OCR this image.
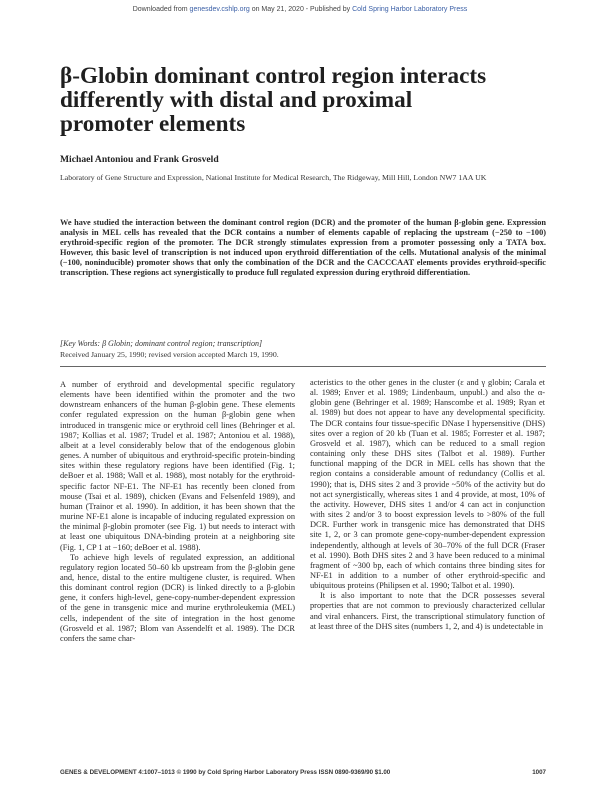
Downloaded from genesdev.cshlp.org on May 21, 2020 - Published by Cold Spring Harbor Laboratory Press
β-Globin dominant control region interacts differently with distal and proximal promoter elements
Michael Antoniou and Frank Grosveld
Laboratory of Gene Structure and Expression, National Institute for Medical Research, The Ridgeway, Mill Hill, London NW7 1AA UK
We have studied the interaction between the dominant control region (DCR) and the promoter of the human β-globin gene. Expression analysis in MEL cells has revealed that the DCR contains a number of elements capable of replacing the upstream (−250 to −100) erythroid-specific region of the promoter. The DCR strongly stimulates expression from a promoter possessing only a TATA box. However, this basic level of transcription is not induced upon erythroid differentiation of the cells. Mutational analysis of the minimal (−100, noninducible) promoter shows that only the combination of the DCR and the CACCCAAT elements provides erythroid-specific transcription. These regions act synergistically to produce full regulated expression during erythroid differentiation.
[Key Words: β Globin; dominant control region; transcription]
Received January 25, 1990; revised version accepted March 19, 1990.

A number of erythroid and developmental specific regulatory elements have been identified within the promoter and the two downstream enhancers of the human β-globin gene. These elements confer regulated expression on the human β-globin gene when introduced in transgenic mice or erythroid cell lines (Behringer et al. 1987; Kollias et al. 1987; Trudel et al. 1987; Antoniou et al. 1988), albeit at a level considerably below that of the endogenous globin genes. A number of ubiquitous and erythroid-specific protein-binding sites within these regulatory regions have been identified (Fig. 1; deBoer et al. 1988; Wall et al. 1988), most notably for the erythroid-specific factor NF-E1. The NF-E1 has recently been cloned from mouse (Tsai et al. 1989), chicken (Evans and Felsenfeld 1989), and human (Trainor et al. 1990). In addition, it has been shown that the murine NF-E1 alone is incapable of inducing regulated expression on the minimal β-globin promoter (see Fig. 1) but needs to interact with at least one ubiquitous DNA-binding protein at a neighboring site (Fig. 1, CP 1 at −160; deBoer et al. 1988).

To achieve high levels of regulated expression, an additional regulatory region located 50–60 kb upstream from the β-globin gene and, hence, distal to the entire multigene cluster, is required. When this dominant control region (DCR) is linked directly to a β-globin gene, it confers high-level, gene-copy-number-dependent expression of the gene in transgenic mice and murine erythroleukemia (MEL) cells, independent of the site of integration in the host genome (Grosveld et al. 1987; Blom van Assendelft et al. 1989). The DCR confers the same char-

acteristics to the other genes in the cluster (ε and γ globin; Carala et al. 1989; Enver et al. 1989; Lindenbaum, unpubl.) and also the α-globin gene (Behringer et al. 1989; Hanscombe et al. 1989; Ryan et al. 1989) but does not appear to have any developmental specificity. The DCR contains four tissue-specific DNase I hypersensitive (DHS) sites over a region of 20 kb (Tuan et al. 1985; Forrester et al. 1987; Grosveld et al. 1987), which can be reduced to a small region containing only these DHS sites (Talbot et al. 1989). Further functional mapping of the DCR in MEL cells has shown that the region contains a considerable amount of redundancy (Collis et al. 1990); that is, DHS sites 2 and 3 provide ~50% of the activity but do not act synergistically, whereas sites 1 and 4 provide, at most, 10% of the activity. However, DHS sites 1 and/or 4 can act in conjunction with sites 2 and/or 3 to boost expression levels to >80% of the full DCR. Further work in transgenic mice has demonstrated that DHS site 1, 2, or 3 can promote gene-copy-number-dependent expression independently, although at levels of 30–70% of the full DCR (Fraser et al. 1990). Both DHS sites 2 and 3 have been reduced to a minimal fragment of ~300 bp, each of which contains three binding sites for NF-E1 in addition to a number of other erythroid-specific and ubiquitous proteins (Philipsen et al. 1990; Talbot et al. 1990).

It is also important to note that the DCR possesses several properties that are not common to previously characterized cellular and viral enhancers. First, the transcriptional stimulatory function of at least three of the DHS sites (numbers 1, 2, and 4) is undetectable in

GENES & DEVELOPMENT 4:1007–1013 © 1990 by Cold Spring Harbor Laboratory Press ISSN 0890-9369/90 $1.00	1007
